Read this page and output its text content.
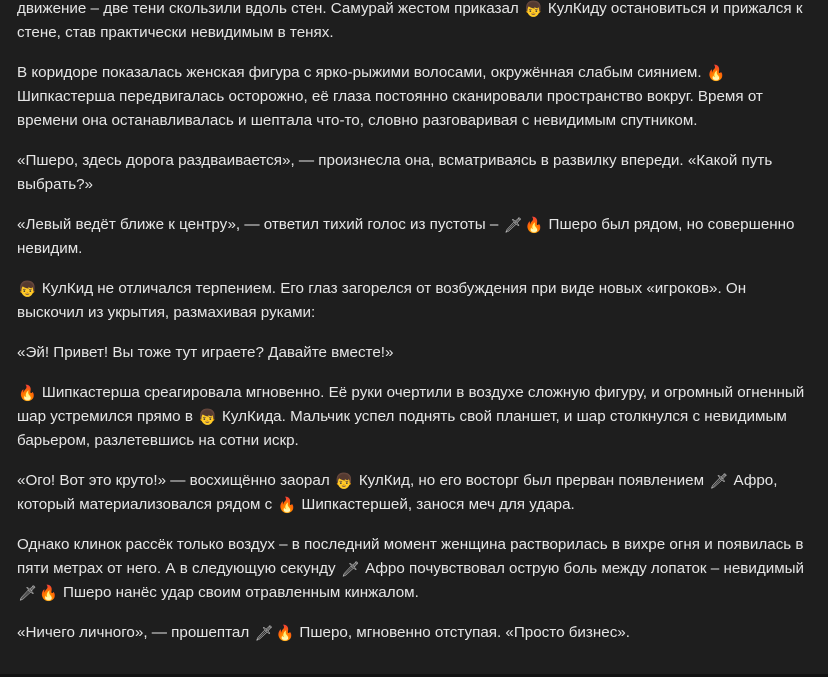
движение – две тени скользили вдоль стен. Самурай жестом приказал 👦 КулКиду остановиться и прижался к стене, став практически невидимым в тенях.

В коридоре показалась женская фигура с ярко-рыжими волосами, окружённая слабым сиянием. 🔥 Шипкастерша передвигалась осторожно, её глаза постоянно сканировали пространство вокруг. Время от времени она останавливалась и шептала что-то, словно разговаривая с невидимым спутником.

«Пшеро, здесь дорога раздваивается», — произнесла она, всматриваясь в развилку впереди. «Какой путь выбрать?»

«Левый ведёт ближе к центру», — ответил тихий голос из пустоты – 🗡 🔥 Пшеро был рядом, но совершенно невидим.

👦 КулКид не отличался терпением. Его глаз загорелся от возбуждения при виде новых «игроков». Он выскочил из укрытия, размахивая руками:

«Эй! Привет! Вы тоже тут играете? Давайте вместе!»

🔥 Шипкастерша среагировала мгновенно. Её руки очертили в воздухе сложную фигуру, и огромный огненный шар устремился прямо в 👦 КулКида. Мальчик успел поднять свой планшет, и шар столкнулся с невидимым барьером, разлетевшись на сотни искр.

«Ого! Вот это круто!» — восхищённо заорал 👦 КулКид, но его восторг был прерван появлением 🗡 Афро, который материализовался рядом с 🔥 Шипкастершей, занося меч для удара.

Однако клинок рассёк только воздух – в последний момент женщина растворилась в вихре огня и появилась в пяти метрах от него. А в следующую секунду 🗡 Афро почувствовал острую боль между лопаток – невидимый 🗡 🔥 Пшеро нанёс удар своим отравленным кинжалом.

«Ничего личного», — прошептал 🗡 🔥 Пшеро, мгновенно отступая. «Просто бизнес».
